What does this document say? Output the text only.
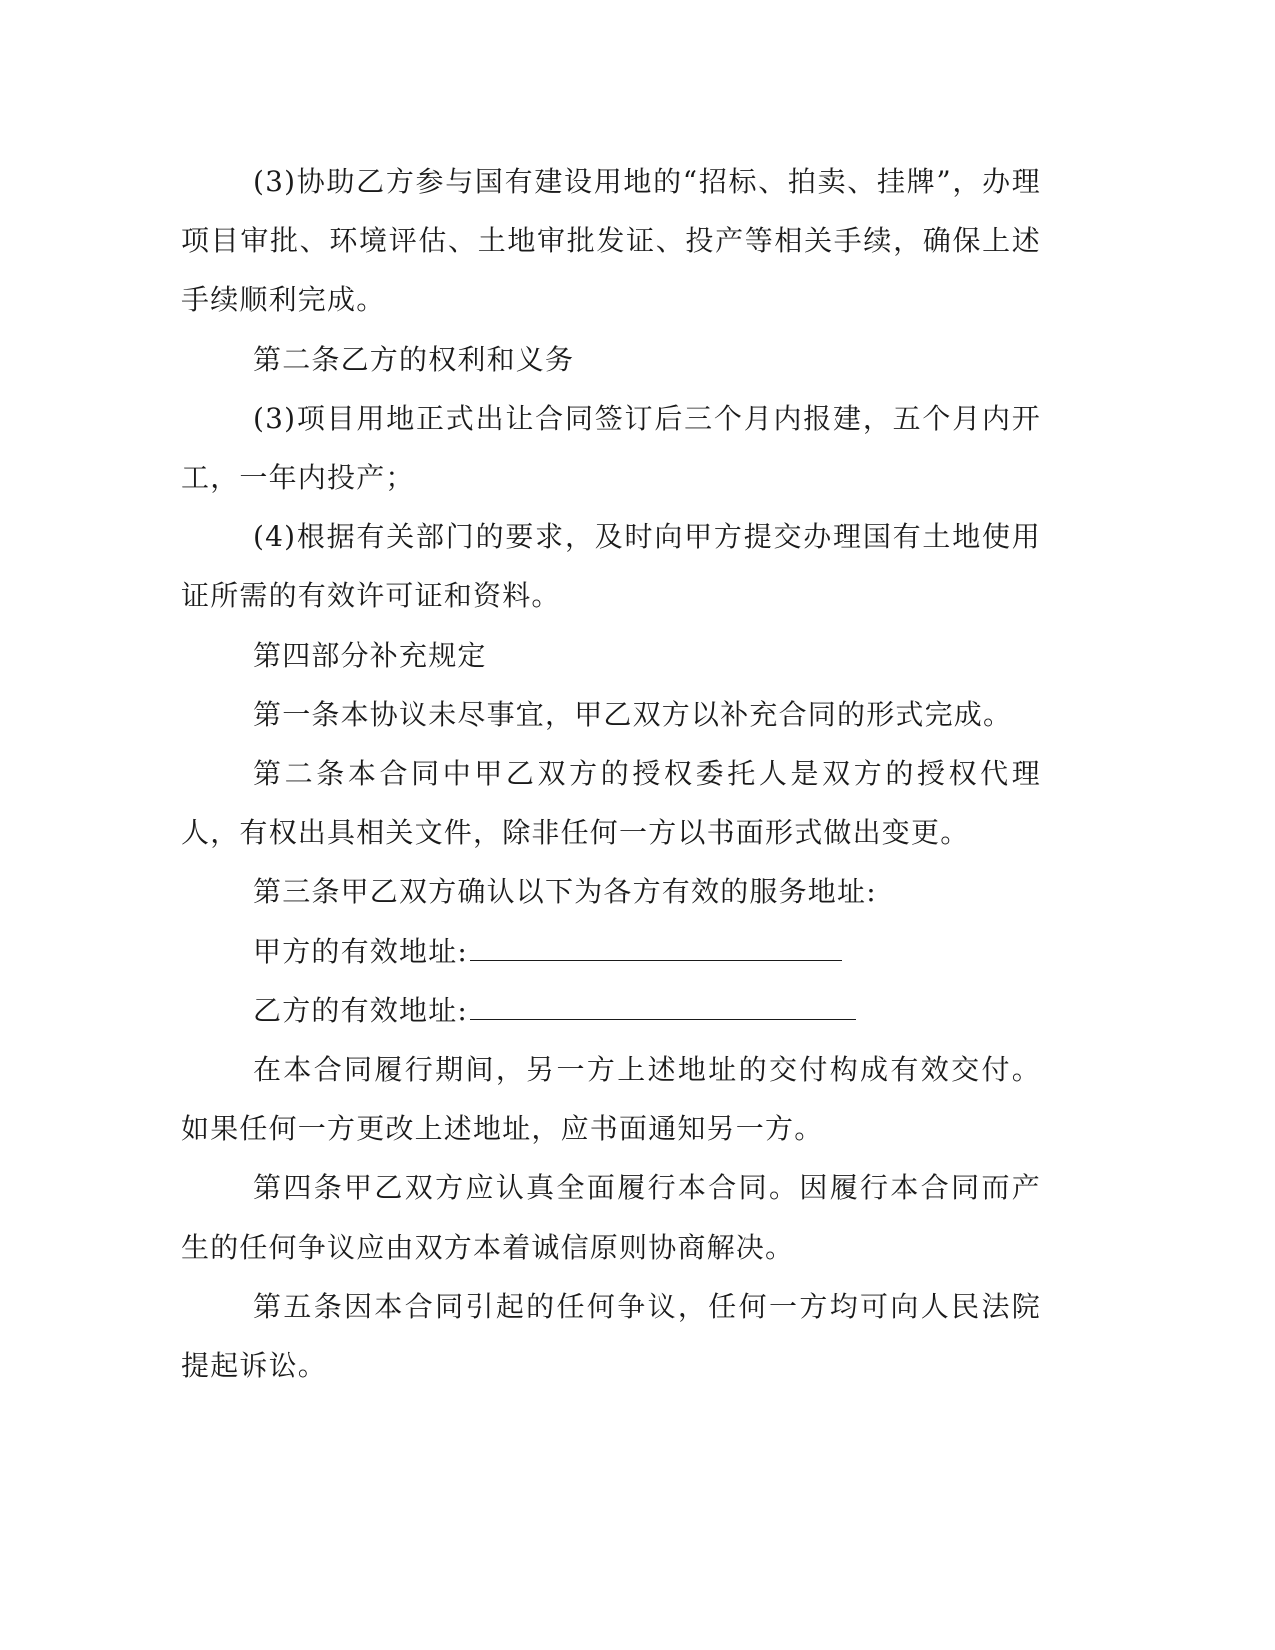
(3)协助乙方参与国有建设用地的“招标、拍卖、挂牌”，办理项目审批、环境评估、土地审批发证、投产等相关手续，确保上述手续顺利完成。

第二条乙方的权利和义务

(3)项目用地正式出让合同签订后三个月内报建，五个月内开工，一年内投产；

(4)根据有关部门的要求，及时向甲方提交办理国有土地使用证所需的有效许可证和资料。

第四部分补充规定

第一条本协议未尽事宜，甲乙双方以补充合同的形式完成。

第二条本合同中甲乙双方的授权委托人是双方的授权代理人，有权出具相关文件，除非任何一方以书面形式做出变更。

第三条甲乙双方确认以下为各方有效的服务地址:

甲方的有效地址:

乙方的有效地址:

在本合同履行期间，另一方上述地址的交付构成有效交付。如果任何一方更改上述地址，应书面通知另一方。

第四条甲乙双方应认真全面履行本合同。因履行本合同而产生的任何争议应由双方本着诚信原则协商解决。

第五条因本合同引起的任何争议，任何一方均可向人民法院提起诉讼。
